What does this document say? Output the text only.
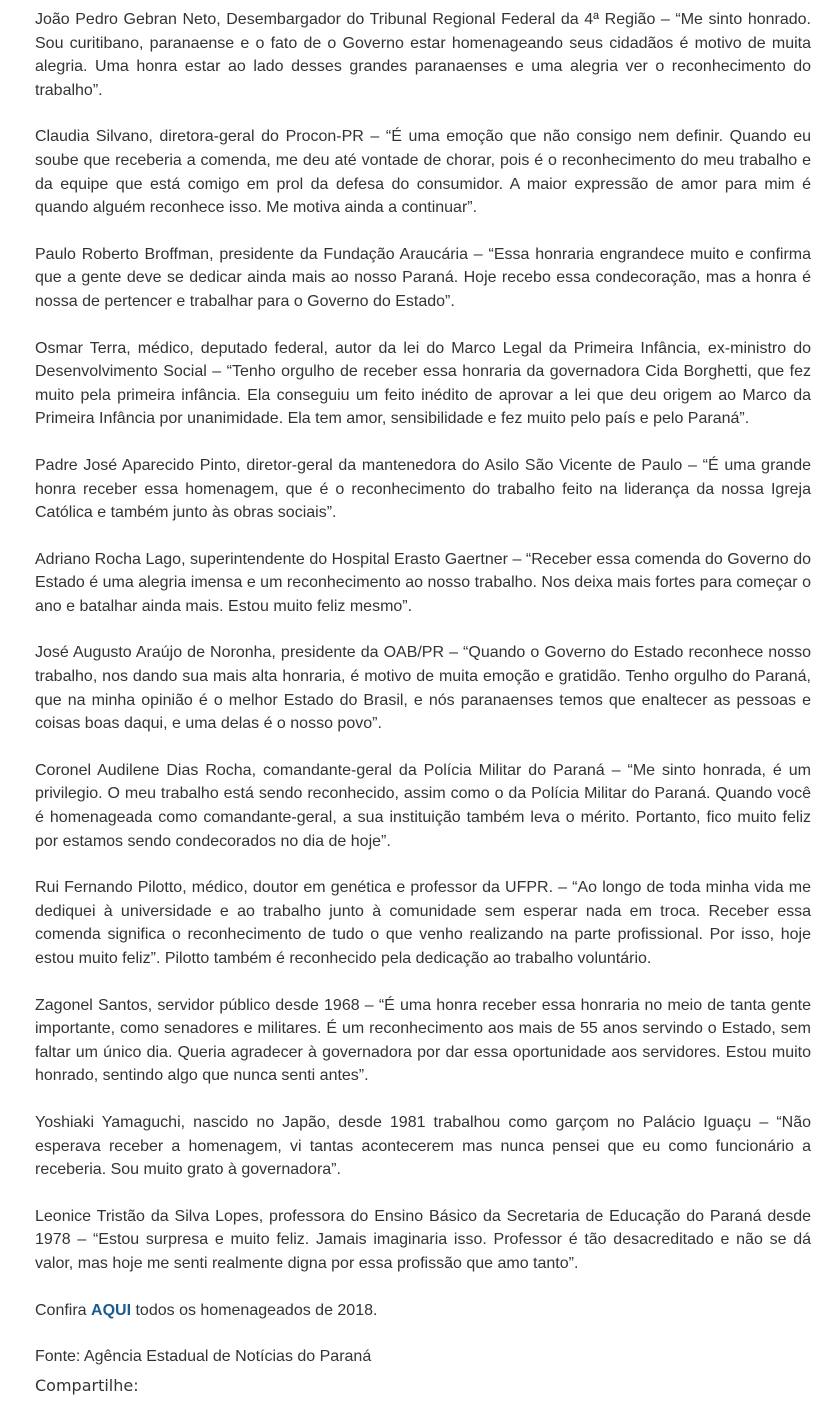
João Pedro Gebran Neto, Desembargador do Tribunal Regional Federal da 4ª Região – “Me sinto honrado. Sou curitibano, paranaense e o fato de o Governo estar homenageando seus cidadãos é motivo de muita alegria. Uma honra estar ao lado desses grandes paranaenses e uma alegria ver o reconhecimento do trabalho”.

Claudia Silvano, diretora-geral do Procon-PR – “É uma emoção que não consigo nem definir. Quando eu soube que receberia a comenda, me deu até vontade de chorar, pois é o reconhecimento do meu trabalho e da equipe que está comigo em prol da defesa do consumidor. A maior expressão de amor para mim é quando alguém reconhece isso. Me motiva ainda a continuar”.

Paulo Roberto Broffman, presidente da Fundação Araucária – “Essa honraria engrandece muito e confirma que a gente deve se dedicar ainda mais ao nosso Paraná. Hoje recebo essa condecoração, mas a honra é nossa de pertencer e trabalhar para o Governo do Estado”.

Osmar Terra, médico, deputado federal, autor da lei do Marco Legal da Primeira Infância, ex-ministro do Desenvolvimento Social – “Tenho orgulho de receber essa honraria da governadora Cida Borghetti, que fez muito pela primeira infância. Ela conseguiu um feito inédito de aprovar a lei que deu origem ao Marco da Primeira Infância por unanimidade. Ela tem amor, sensibilidade e fez muito pelo país e pelo Paraná”.

Padre José Aparecido Pinto, diretor-geral da mantenedora do Asilo São Vicente de Paulo – “É uma grande honra receber essa homenagem, que é o reconhecimento do trabalho feito na liderança da nossa Igreja Católica e também junto às obras sociais”.

Adriano Rocha Lago, superintendente do Hospital Erasto Gaertner – “Receber essa comenda do Governo do Estado é uma alegria imensa e um reconhecimento ao nosso trabalho. Nos deixa mais fortes para começar o ano e batalhar ainda mais. Estou muito feliz mesmo”.

José Augusto Araújo de Noronha, presidente da OAB/PR – “Quando o Governo do Estado reconhece nosso trabalho, nos dando sua mais alta honraria, é motivo de muita emoção e gratidão. Tenho orgulho do Paraná, que na minha opinião é o melhor Estado do Brasil, e nós paranaenses temos que enaltecer as pessoas e coisas boas daqui, e uma delas é o nosso povo”.

Coronel Audilene Dias Rocha, comandante-geral da Polícia Militar do Paraná – “Me sinto honrada, é um privilegio. O meu trabalho está sendo reconhecido, assim como o da Polícia Militar do Paraná. Quando você é homenageada como comandante-geral, a sua instituição também leva o mérito. Portanto, fico muito feliz por estamos sendo condecorados no dia de hoje”.

Rui Fernando Pilotto, médico, doutor em genética e professor da UFPR. – “Ao longo de toda minha vida me dediquei à universidade e ao trabalho junto à comunidade sem esperar nada em troca. Receber essa comenda significa o reconhecimento de tudo o que venho realizando na parte profissional. Por isso, hoje estou muito feliz”. Pilotto também é reconhecido pela dedicação ao trabalho voluntário.

Zagonel Santos, servidor público desde 1968 – “É uma honra receber essa honraria no meio de tanta gente importante, como senadores e militares. É um reconhecimento aos mais de 55 anos servindo o Estado, sem faltar um único dia. Queria agradecer à governadora por dar essa oportunidade aos servidores. Estou muito honrado, sentindo algo que nunca senti antes”.

Yoshiaki Yamaguchi, nascido no Japão, desde 1981 trabalhou como garçom no Palácio Iguaçu – “Não esperava receber a homenagem, vi tantas acontecerem mas nunca pensei que eu como funcionário a receberia. Sou muito grato à governadora”.

Leonice Tristão da Silva Lopes, professora do Ensino Básico da Secretaria de Educação do Paraná desde 1978 – “Estou surpresa e muito feliz. Jamais imaginaria isso. Professor é tão desacreditado e não se dá valor, mas hoje me senti realmente digna por essa profissão que amo tanto”.

Confira AQUI todos os homenageados de 2018.

Fonte: Agência Estadual de Notícias do Paraná

Compartilhe:
